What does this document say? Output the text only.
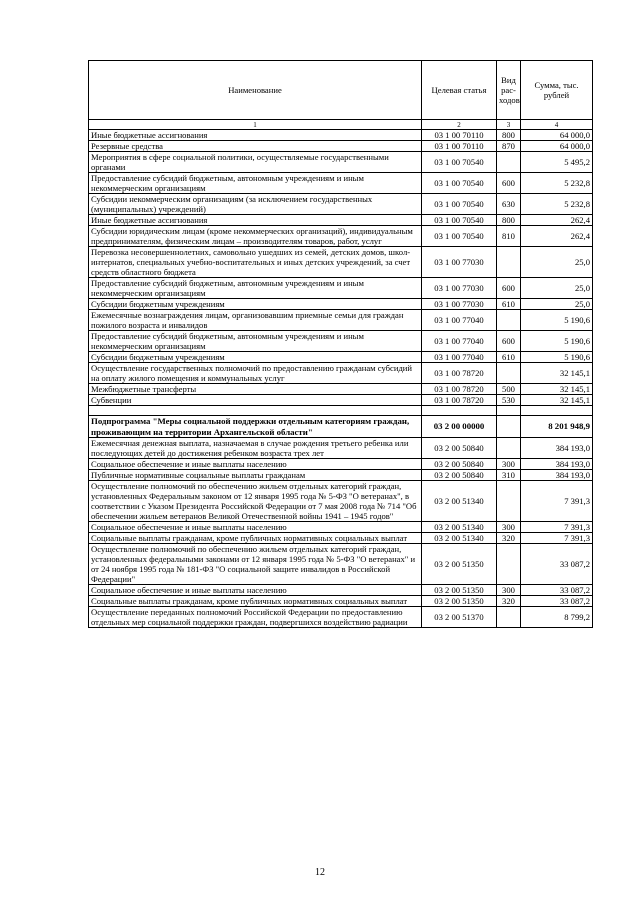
Наименование	Целевая статья	Вид рас-ходов	Сумма, тыс. рублей
1	2	3	4
Иные бюджетные ассигнования	03 1 00 70110	800	64 000,0
Резервные средства	03 1 00 70110	870	64 000,0
Мероприятия в сфере социальной политики, осуществляемые государственными органами	03 1 00 70540		5 495,2
Предоставление субсидий бюджетным, автономным учреждениям и иным некоммерческим организациям	03 1 00 70540	600	5 232,8
Субсидии некоммерческим организациям (за исключением государственных (муниципальных) учреждений)	03 1 00 70540	630	5 232,8
Иные бюджетные ассигнования	03 1 00 70540	800	262,4
Субсидии юридическим лицам (кроме некоммерческих организаций), индивидуальным предпринимателям, физическим лицам – производителям товаров, работ, услуг	03 1 00 70540	810	262,4
Перевозка несовершеннолетних, самовольно ушедших из семей, детских домов, школ-интернатов, специальных учебно-воспитательных и иных детских учреждений, за счет средств областного бюджета	03 1 00 77030		25,0
Предоставление субсидий бюджетным, автономным учреждениям и иным некоммерческим организациям	03 1 00 77030	600	25,0
Субсидии бюджетным учреждениям	03 1 00 77030	610	25,0
Ежемесячные вознаграждения лицам, организовавшим приемные семьи для граждан пожилого возраста и инвалидов	03 1 00 77040		5 190,6
Предоставление субсидий бюджетным, автономным учреждениям и иным некоммерческим организациям	03 1 00 77040	600	5 190,6
Субсидии бюджетным учреждениям	03 1 00 77040	610	5 190,6
Осуществление государственных полномочий по предоставлению гражданам субсидий на оплату жилого помещения и коммунальных услуг	03 1 00 78720		32 145,1
Межбюджетные трансферты	03 1 00 78720	500	32 145,1
Субвенции	03 1 00 78720	530	32 145,1

Подпрограмма "Меры социальной поддержки отдельным категориям граждан, проживающим на территории Архангельской области"	03 2 00 00000		8 201 948,9
Ежемесячная денежная выплата, назначаемая в случае рождения третьего ребенка или последующих детей до достижения ребенком возраста трех лет	03 2 00 50840		384 193,0
Социальное обеспечение и иные выплаты населению	03 2 00 50840	300	384 193,0
Публичные нормативные социальные выплаты гражданам	03 2 00 50840	310	384 193,0
Осуществление полномочий по обеспечению жильем отдельных категорий граждан, установленных Федеральным законом от 12 января 1995 года № 5-ФЗ "О ветеранах", в соответствии с Указом Президента Российской Федерации от 7 мая 2008 года № 714 "Об обеспечении жильем ветеранов Великой Отечественной войны 1941 – 1945 годов"	03 2 00 51340		7 391,3
Социальное обеспечение и иные выплаты населению	03 2 00 51340	300	7 391,3
Социальные выплаты гражданам, кроме публичных нормативных социальных выплат	03 2 00 51340	320	7 391,3
Осуществление полномочий по обеспечению жильем отдельных категорий граждан, установленных федеральными законами от 12 января 1995 года № 5-ФЗ "О ветеранах" и от 24 ноября 1995 года № 181-ФЗ "О социальной защите инвалидов в Российской Федерации"	03 2 00 51350		33 087,2
Социальное обеспечение и иные выплаты населению	03 2 00 51350	300	33 087,2
Социальные выплаты гражданам, кроме публичных нормативных социальных выплат	03 2 00 51350	320	33 087,2
Осуществление переданных полномочий Российской Федерации по предоставлению отдельных мер социальной поддержки граждан, подвергшихся воздействию радиации	03 2 00 51370		8 799,2
12
